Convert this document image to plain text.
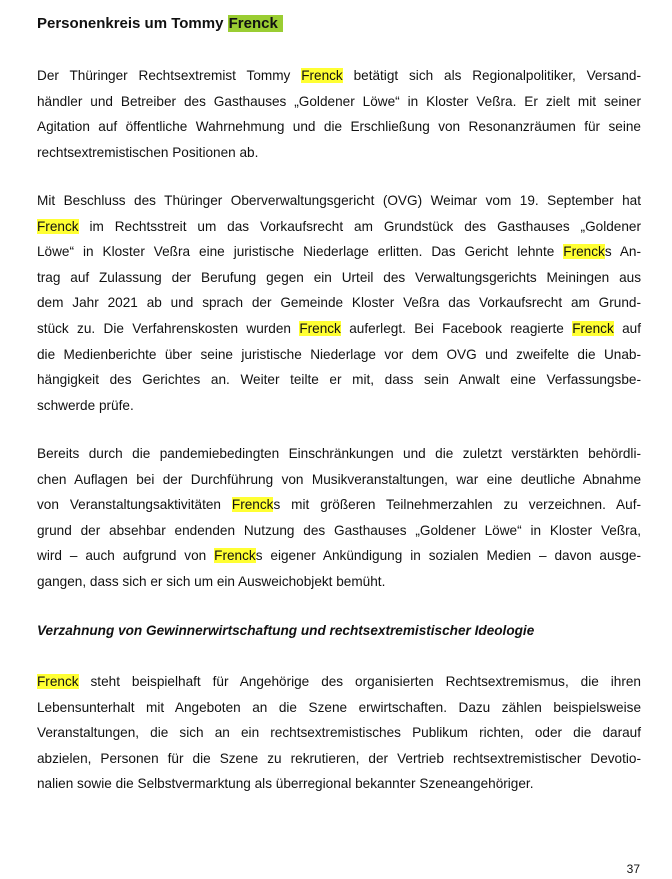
Personenkreis um Tommy Frenck
Der Thüringer Rechtsextremist Tommy Frenck betätigt sich als Regionalpolitiker, Versand-
händler und Betreiber des Gasthauses „Goldener Löwe“ in Kloster Veßra. Er zielt mit seiner
Agitation auf öffentliche Wahrnehmung und die Erschließung von Resonanzräumen für seine
rechtsextremistischen Positionen ab.
Mit Beschluss des Thüringer Oberverwaltungsgericht (OVG) Weimar vom 19. September hat
Frenck im Rechtsstreit um das Vorkaufsrecht am Grundstück des Gasthauses „Goldener
Löwe“ in Kloster Veßra eine juristische Niederlage erlitten. Das Gericht lehnte Frencks An-
trag auf Zulassung der Berufung gegen ein Urteil des Verwaltungsgerichts Meiningen aus
dem Jahr 2021 ab und sprach der Gemeinde Kloster Veßra das Vorkaufsrecht am Grund-
stück zu. Die Verfahrenskosten wurden Frenck auferlegt. Bei Facebook reagierte Frenck auf
die Medienberichte über seine juristische Niederlage vor dem OVG und zweifelte die Unab-
hängigkeit des Gerichtes an. Weiter teilte er mit, dass sein Anwalt eine Verfassungsbe-
schwerde prüfe.
Bereits durch die pandemiebedingten Einschränkungen und die zuletzt verstärkten behördli-
chen Auflagen bei der Durchführung von Musikveranstaltungen, war eine deutliche Abnahme
von Veranstaltungsaktivitäten Frencks mit größeren Teilnehmerzahlen zu verzeichnen. Auf-
grund der absehbar endenden Nutzung des Gasthauses „Goldener Löwe“ in Kloster Veßra,
wird – auch aufgrund von Frencks eigener Ankündigung in sozialen Medien – davon ausge-
gangen, dass sich er sich um ein Ausweichobjekt bemüht.
Verzahnung von Gewinnerwirtschaftung und rechtsextremistischer Ideologie
Frenck steht beispielhaft für Angehörige des organisierten Rechtsextremismus, die ihren
Lebensunterhalt mit Angeboten an die Szene erwirtschaften. Dazu zählen beispielsweise
Veranstaltungen, die sich an ein rechtsextremistisches Publikum richten, oder die darauf
abzielen, Personen für die Szene zu rekrutieren, der Vertrieb rechtsextremistischer Devotio-
nalien sowie die Selbstvermarktung als überregional bekannter Szeneangehöriger.
37
